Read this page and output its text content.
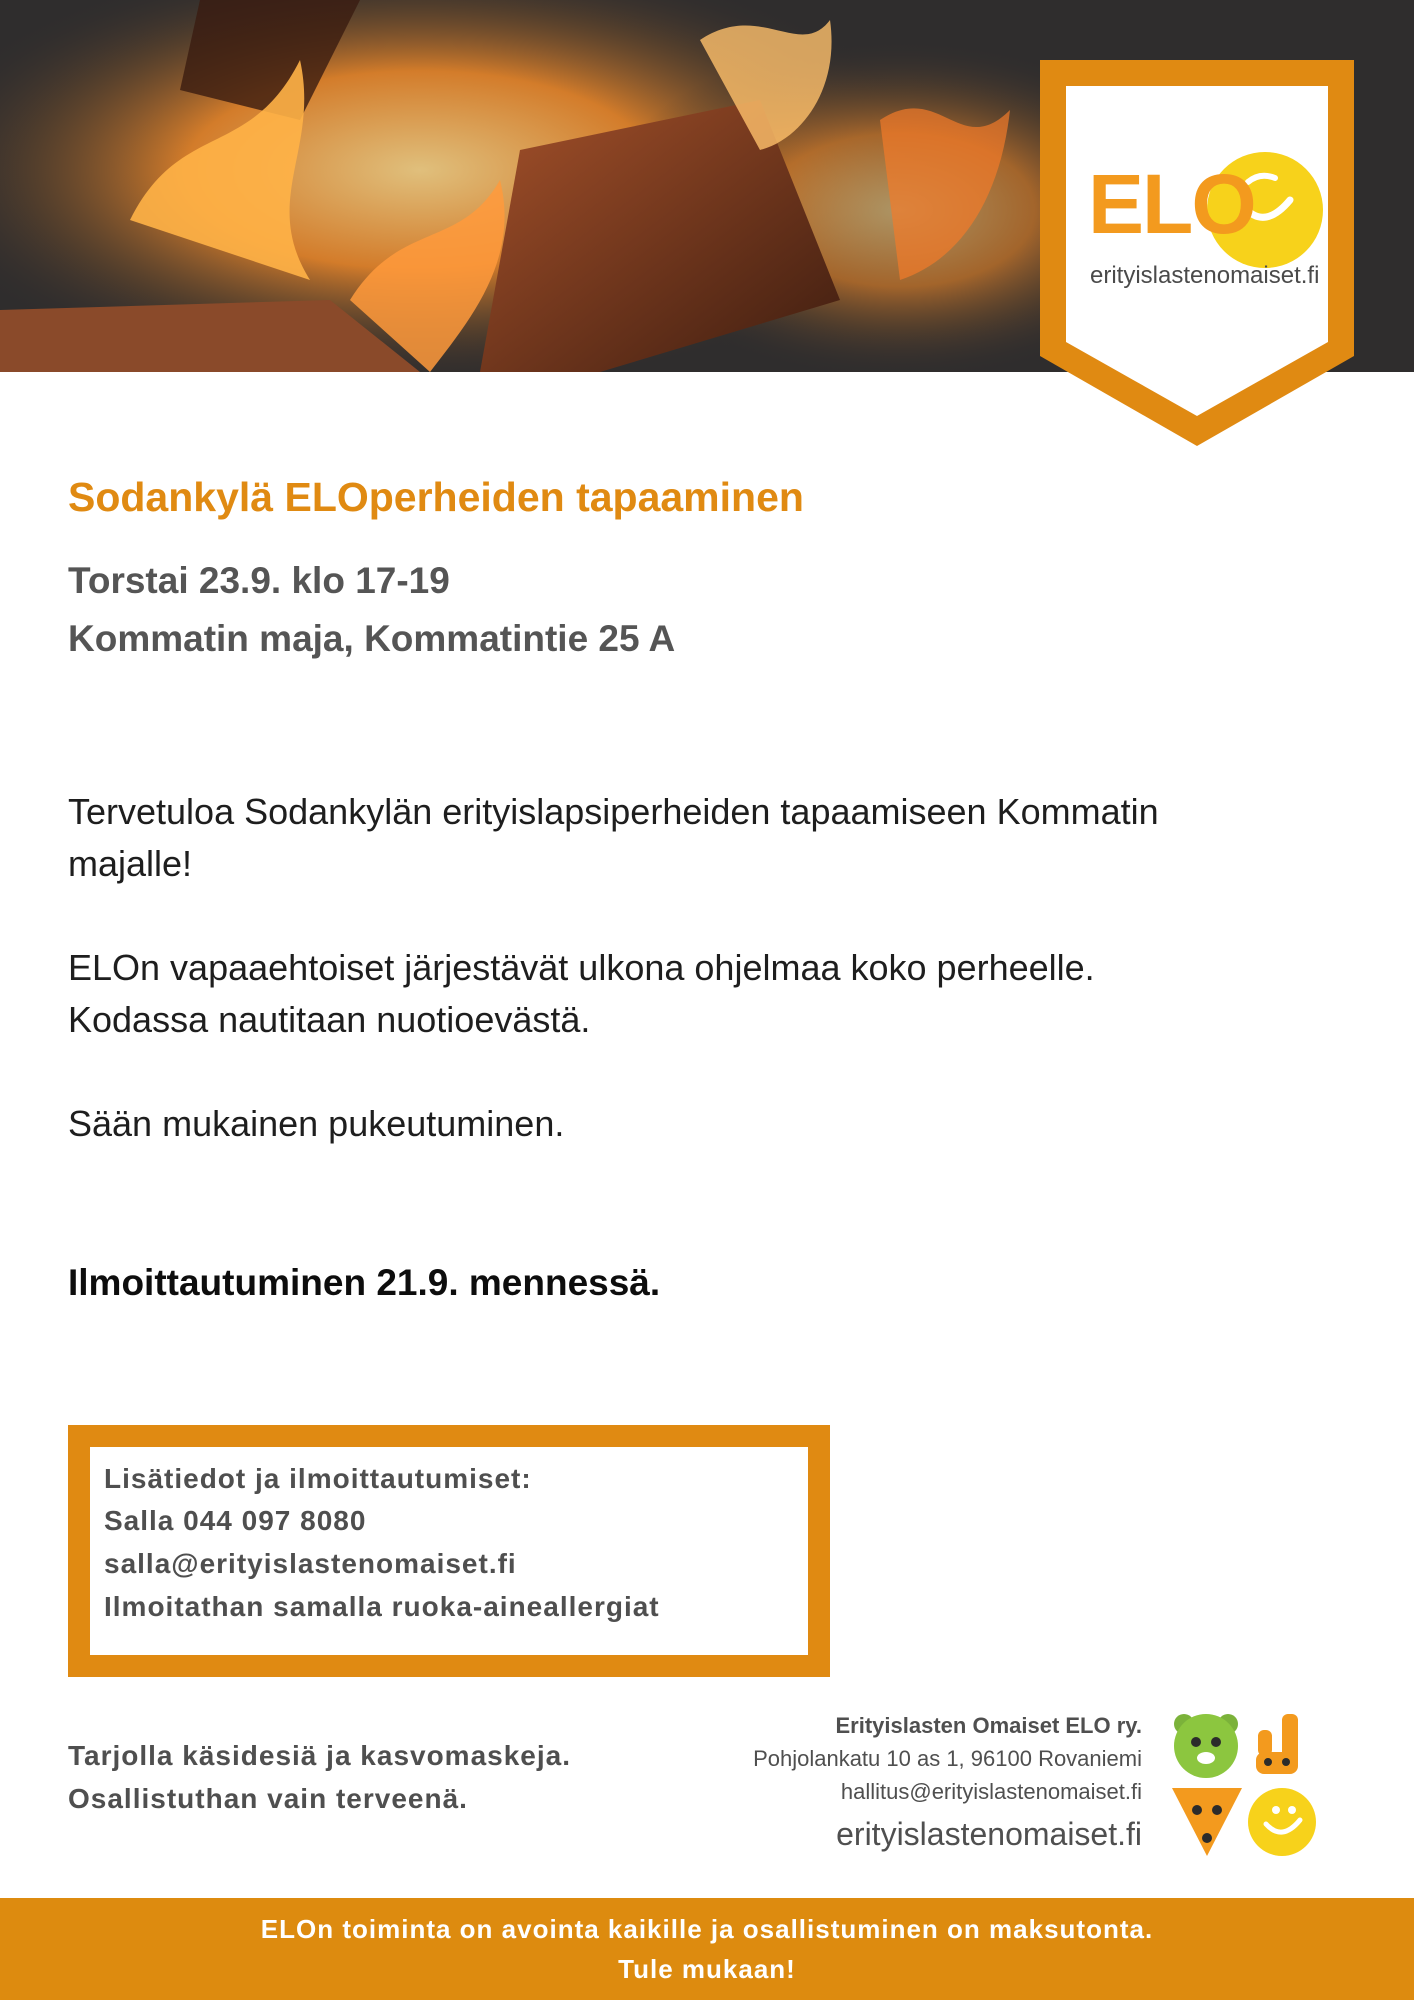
ELO
erityislastenomaiset.fi
Sodankylä ELOperheiden tapaaminen
Torstai 23.9. klo 17-19
Kommatin maja, Kommatintie 25 A
Tervetuloa Sodankylän erityislapsiperheiden tapaamiseen Kommatin
majalle!
ELOn vapaaehtoiset järjestävät ulkona ohjelmaa koko perheelle.
Kodassa nautitaan nuotioevästä.
Sään mukainen pukeutuminen.
Ilmoittautuminen 21.9. mennessä.
Lisätiedot ja ilmoittautumiset:
Salla 044 097 8080
salla@erityislastenomaiset.fi
Ilmoitathan samalla ruoka-aineallergiat
Tarjolla käsidesiä ja kasvomaskeja.
Osallistuthan vain terveenä.
Erityislasten Omaiset ELO ry.
Pohjolankatu 10 as 1, 96100 Rovaniemi
hallitus@erityislastenomaiset.fi
erityislastenomaiset.fi
ELOn toiminta on avointa kaikille ja osallistuminen on maksutonta.
Tule mukaan!
